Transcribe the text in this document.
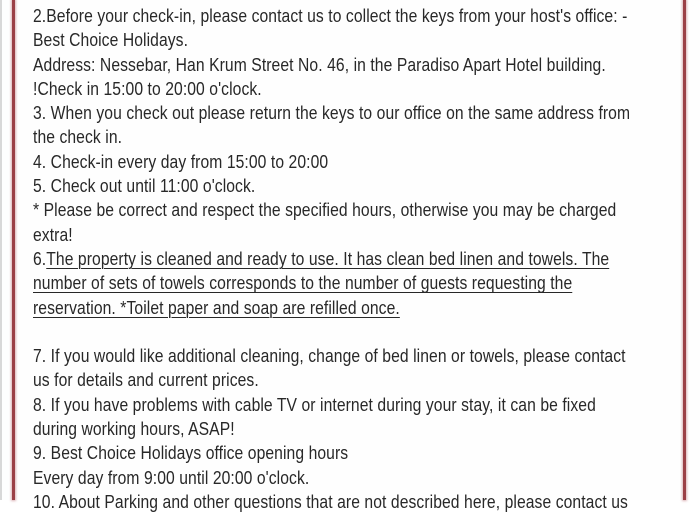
2.Before your check-in, please contact us to collect the keys from your host's office: -
Best Choice Holidays.
Address: Nessebar, Han Krum Street No. 46, in the Paradiso Apart Hotel building.
!Check in 15:00 to 20:00 o'clock.
3. When you check out please return the keys to our office on the same address from
the check in.
4. Check-in every day from 15:00 to 20:00
5. Check out until 11:00 o'clock.
* Please be correct and respect the specified hours, otherwise you may be charged
extra!
6.The property is cleaned and ready to use. It has clean bed linen and towels. The
number of sets of towels corresponds to the number of guests requesting the
reservation. *Toilet paper and soap are refilled once.
7. If you would like additional cleaning, change of bed linen or towels, please contact
us for details and current prices.
8. If you have problems with cable TV or internet during your stay, it can be fixed
during working hours, ASAP!
9. Best Choice Holidays office opening hours
Every day from 9:00 until 20:00 o'clock.
10. About Parking and other questions that are not described here, please contact us
